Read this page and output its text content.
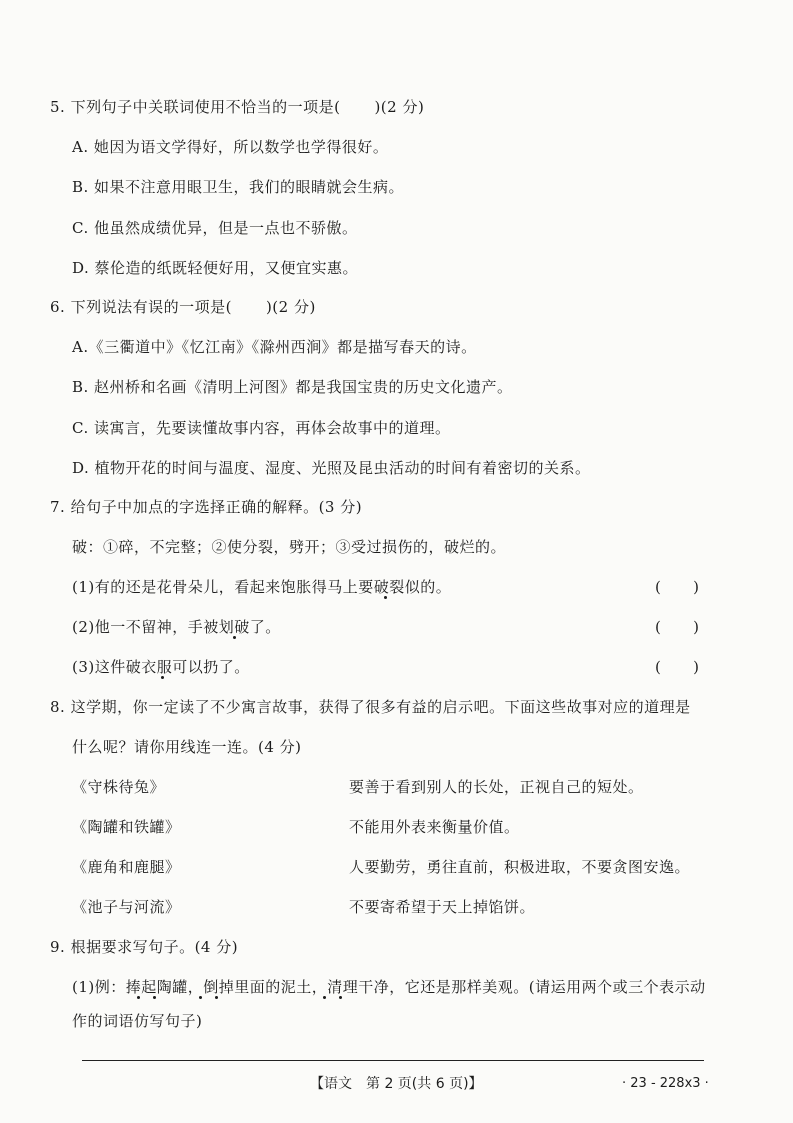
5. 下列句子中关联词使用不恰当的一项是( )(2 分)
A. 她因为语文学得好，所以数学也学得很好。
B. 如果不注意用眼卫生，我们的眼睛就会生病。
C. 他虽然成绩优异，但是一点也不骄傲。
D. 蔡伦造的纸既轻便好用，又便宜实惠。
6. 下列说法有误的一项是( )(2 分)
A.《三衢道中》《忆江南》《滁州西涧》都是描写春天的诗。
B. 赵州桥和名画《清明上河图》都是我国宝贵的历史文化遗产。
C. 读寓言，先要读懂故事内容，再体会故事中的道理。
D. 植物开花的时间与温度、湿度、光照及昆虫活动的时间有着密切的关系。
7. 给句子中加点的字选择正确的解释。(3 分)
破：①碎，不完整；②使分裂，劈开；③受过损伤的，破烂的。
(1)有的还是花骨朵儿，看起来饱胀得马上要破裂似的。	( )
(2)他一不留神，手被划破了。	( )
(3)这件破衣服可以扔了。	( )
8. 这学期，你一定读了不少寓言故事，获得了很多有益的启示吧。下面这些故事对应的道理是
什么呢？请你用线连一连。(4 分)
《守株待兔》	要善于看到别人的长处，正视自己的短处。
《陶罐和铁罐》	不能用外表来衡量价值。
《鹿角和鹿腿》	人要勤劳，勇往直前，积极进取，不要贪图安逸。
《池子与河流》	不要寄希望于天上掉馅饼。
9. 根据要求写句子。(4 分)
(1)例：捧起陶罐，倒掉里面的泥土，清理干净，它还是那样美观。(请运用两个或三个表示动
作的词语仿写句子)
【语文　第 2 页(共 6 页)】	· 23 - 228x3 ·
